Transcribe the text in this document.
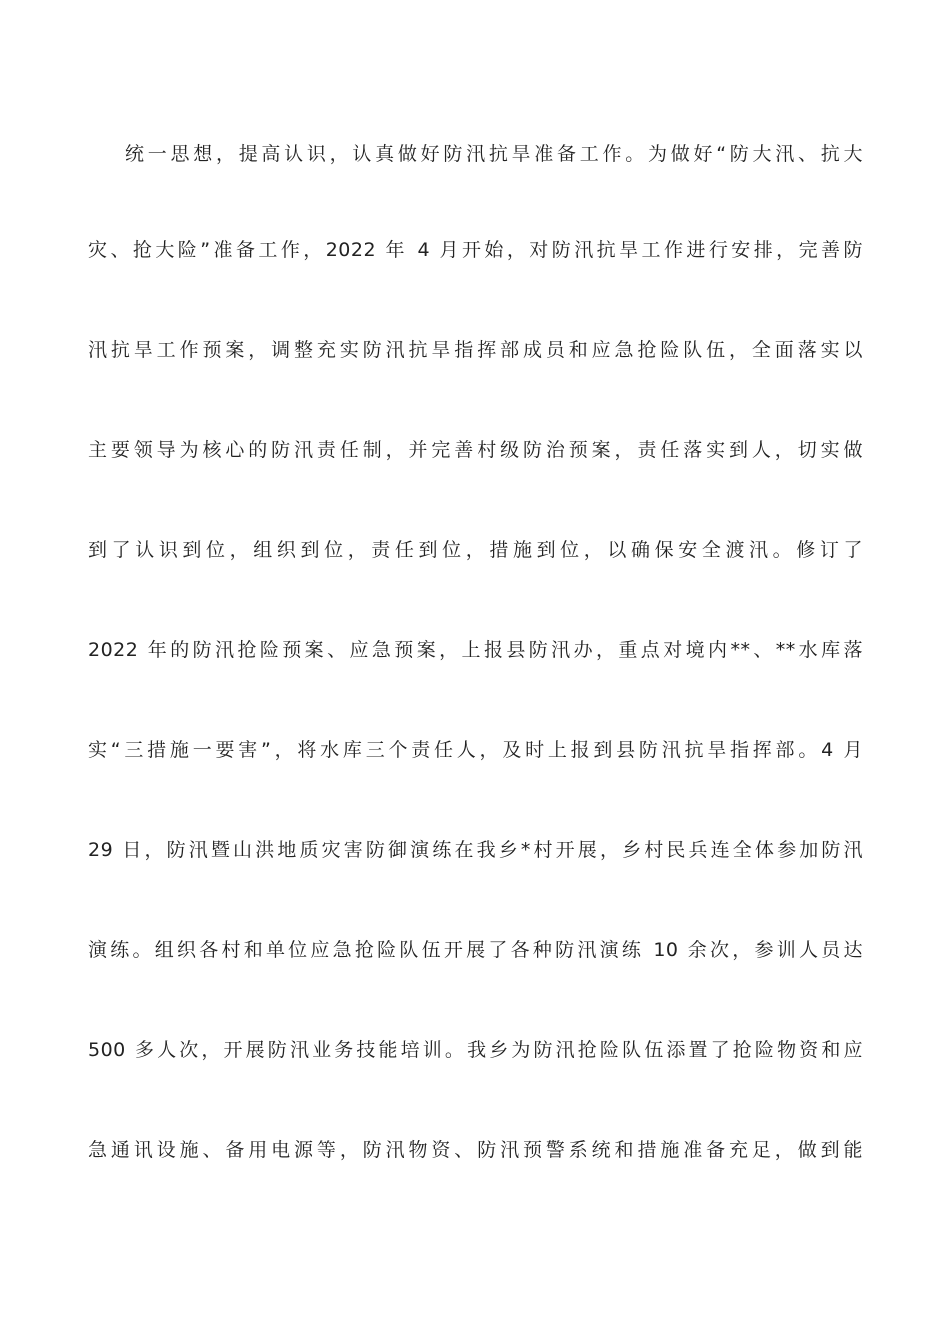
统一思想，提高认识，认真做好防汛抗旱准备工作。为做好“防大汛、抗大
灾、抢大险”准备工作，2022 年 4 月开始，对防汛抗旱工作进行安排，完善防
汛抗旱工作预案，调整充实防汛抗旱指挥部成员和应急抢险队伍，全面落实以
主要领导为核心的防汛责任制，并完善村级防治预案，责任落实到人，切实做
到了认识到位，组织到位，责任到位，措施到位，以确保安全渡汛。修订了
2022 年的防汛抢险预案、应急预案，上报县防汛办，重点对境内**、**水库落
实“三措施一要害”，将水库三个责任人，及时上报到县防汛抗旱指挥部。4 月
29 日，防汛暨山洪地质灾害防御演练在我乡*村开展，乡村民兵连全体参加防汛
演练。组织各村和单位应急抢险队伍开展了各种防汛演练 10 余次，参训人员达
500 多人次，开展防汛业务技能培训。我乡为防汛抢险队伍添置了抢险物资和应
急通讯设施、备用电源等，防汛物资、防汛预警系统和措施准备充足，做到能
